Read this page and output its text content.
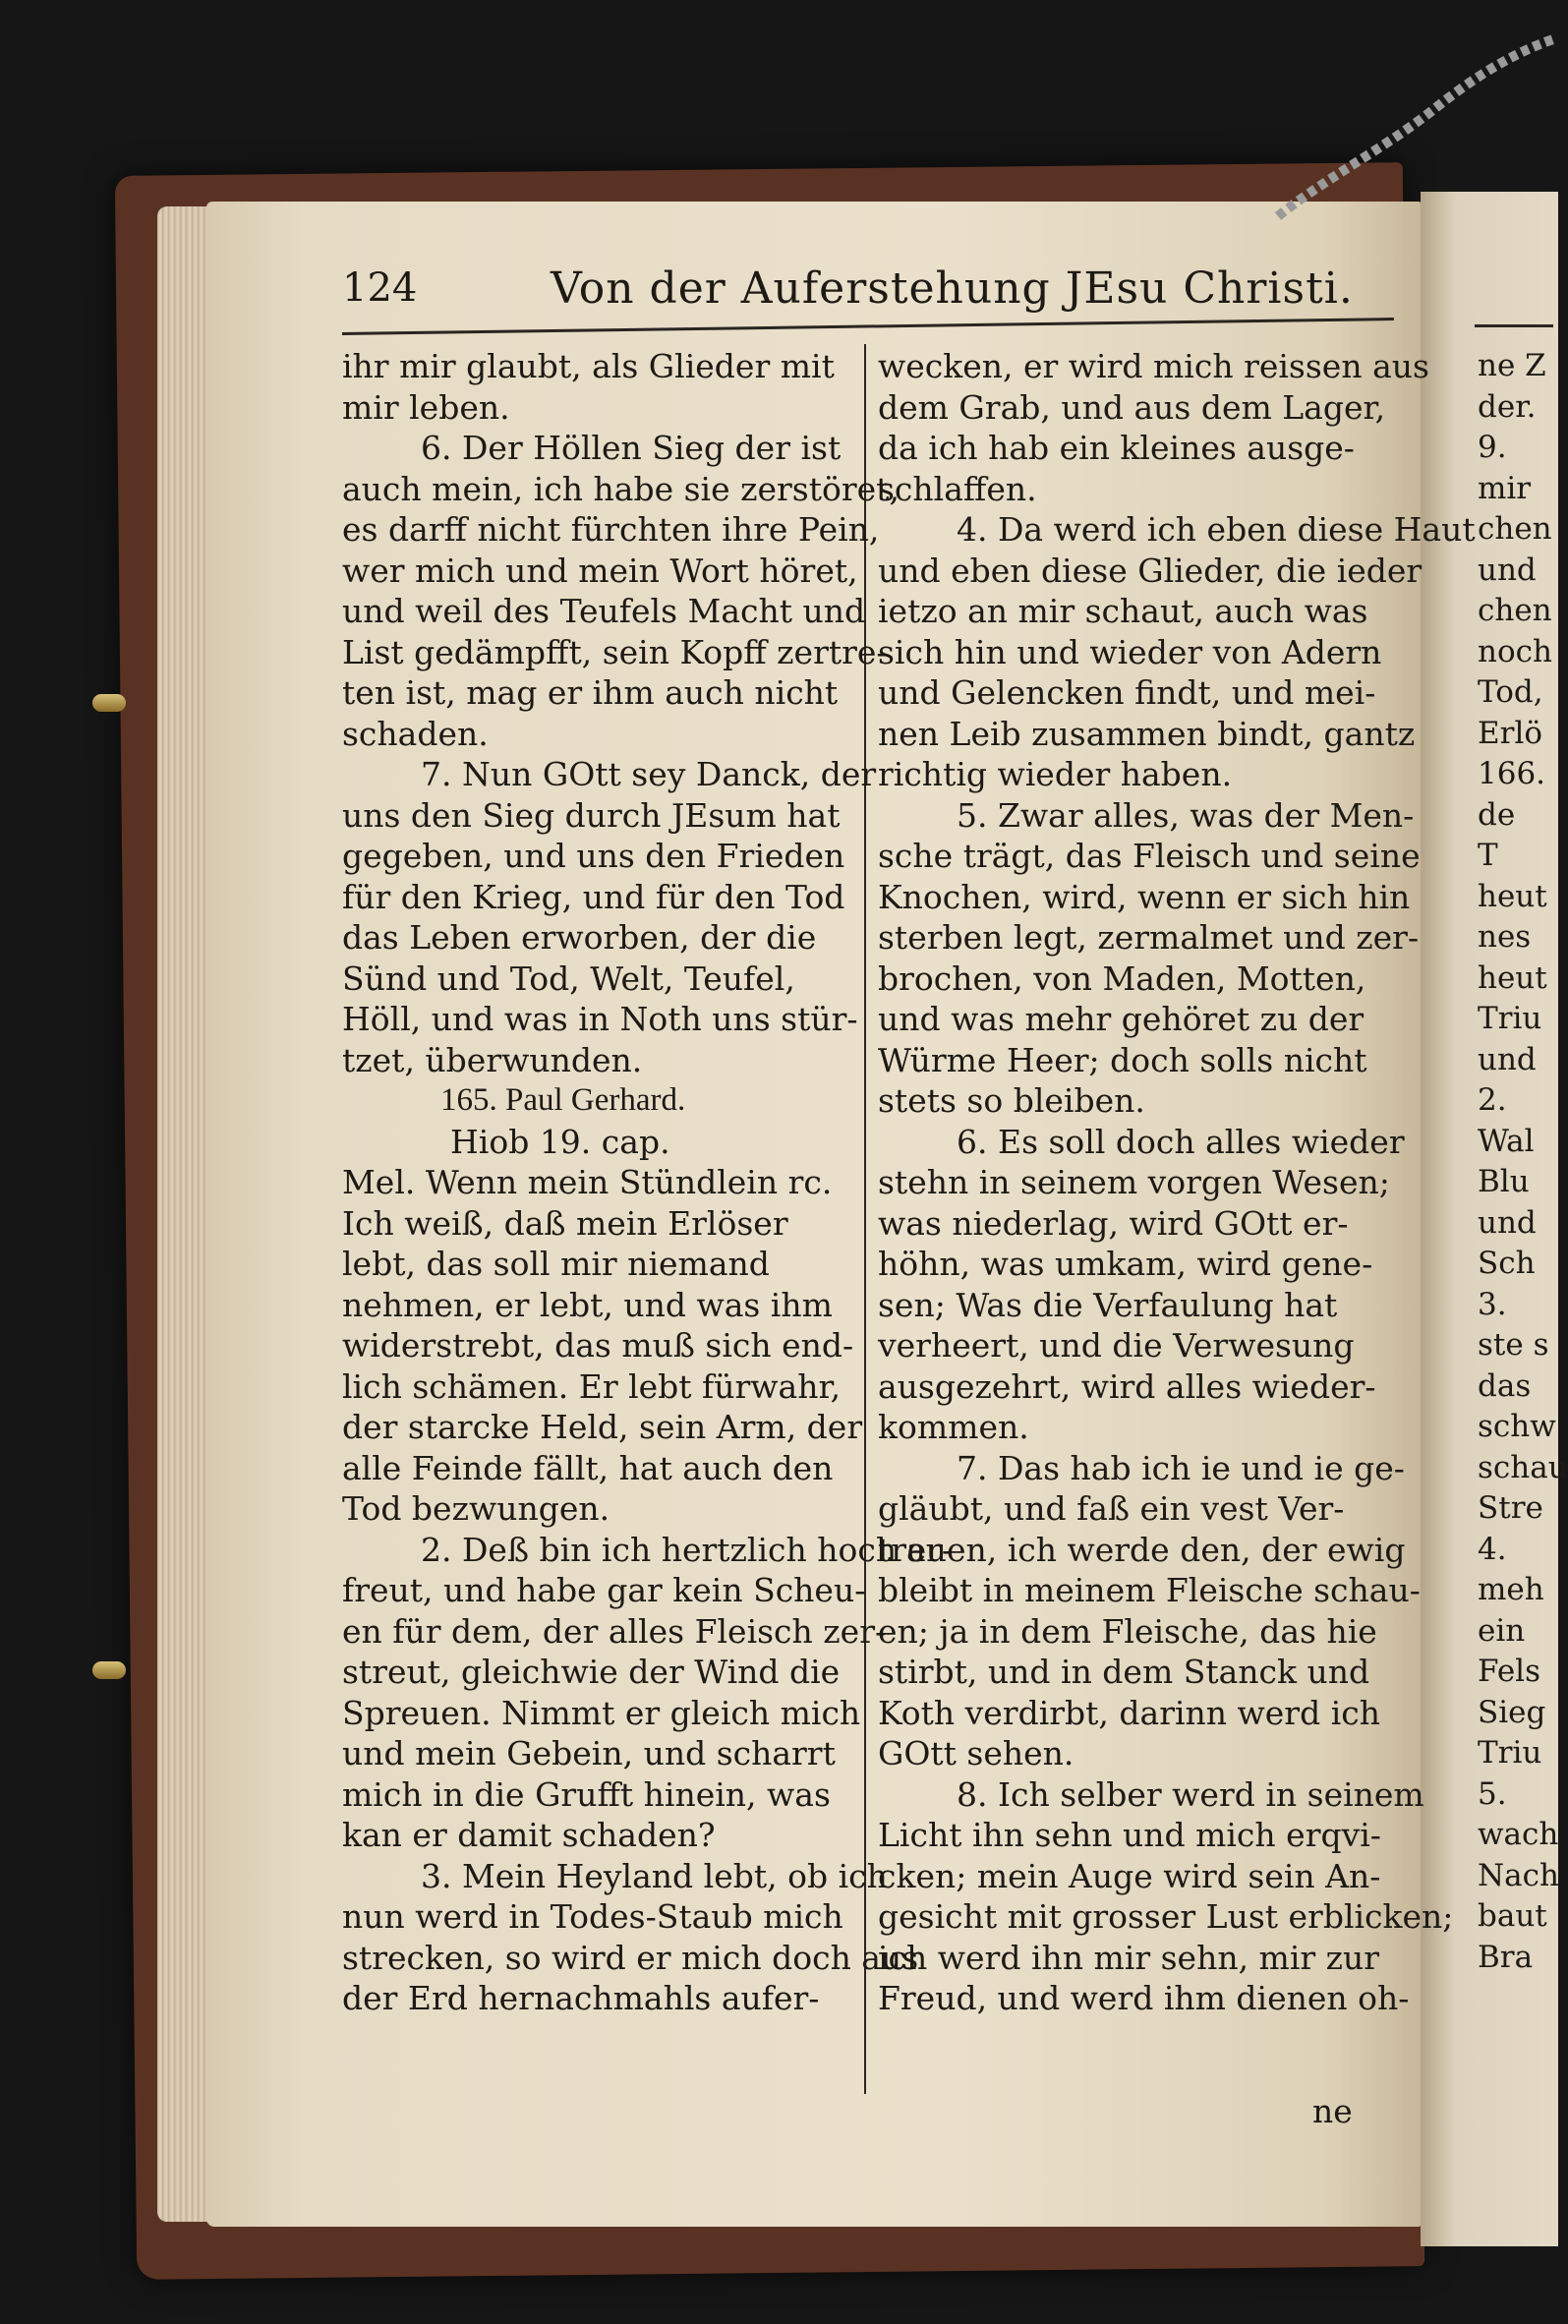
124	Von der Auferstehung JEsu Christi.
ihr mir glaubt, als Glieder mit
mir leben.
6. Der Höllen Sieg der ist
auch mein, ich habe sie zerstöret,
es darff nicht fürchten ihre Pein,
wer mich und mein Wort höret,
und weil des Teufels Macht und
List gedämpfft, sein Kopff zertre-
ten ist, mag er ihm auch nicht
schaden.
7. Nun GOtt sey Danck, der
uns den Sieg durch JEsum hat
gegeben, und uns den Frieden
für den Krieg, und für den Tod
das Leben erworben, der die
Sünd und Tod, Welt, Teufel,
Höll, und was in Noth uns stür-
tzet, überwunden.
165. Paul Gerhard.
Hiob 19. cap.
Mel. Wenn mein Stündlein rc.
Ich weiß, daß mein Erlöser
lebt, das soll mir niemand
nehmen, er lebt, und was ihm
widerstrebt, das muß sich end-
lich schämen. Er lebt fürwahr,
der starcke Held, sein Arm, der
alle Feinde fällt, hat auch den
Tod bezwungen.
2. Deß bin ich hertzlich hoch er-
freut, und habe gar kein Scheu-
en für dem, der alles Fleisch zer-
streut, gleichwie der Wind die
Spreuen. Nimmt er gleich mich
und mein Gebein, und scharrt
mich in die Grufft hinein, was
kan er damit schaden?
3. Mein Heyland lebt, ob ich
nun werd in Todes-Staub mich
strecken, so wird er mich doch aus
der Erd hernachmahls aufer-
wecken, er wird mich reissen aus
dem Grab, und aus dem Lager,
da ich hab ein kleines ausge-
schlaffen.
4. Da werd ich eben diese Haut
und eben diese Glieder, die ieder
ietzo an mir schaut, auch was
sich hin und wieder von Adern
und Gelencken findt, und mei-
nen Leib zusammen bindt, gantz
richtig wieder haben.
5. Zwar alles, was der Men-
sche trägt, das Fleisch und seine
Knochen, wird, wenn er sich hin
sterben legt, zermalmet und zer-
brochen, von Maden, Motten,
und was mehr gehöret zu der
Würme Heer; doch solls nicht
stets so bleiben.
6. Es soll doch alles wieder
stehn in seinem vorgen Wesen;
was niederlag, wird GOtt er-
höhn, was umkam, wird gene-
sen; Was die Verfaulung hat
verheert, und die Verwesung
ausgezehrt, wird alles wieder-
kommen.
7. Das hab ich ie und ie ge-
gläubt, und faß ein vest Ver-
trauen, ich werde den, der ewig
bleibt in meinem Fleische schau-
en; ja in dem Fleische, das hie
stirbt, und in dem Stanck und
Koth verdirbt, darinn werd ich
GOtt sehen.
8. Ich selber werd in seinem
Licht ihn sehn und mich erqvi-
cken; mein Auge wird sein An-
gesicht mit grosser Lust erblicken;
ich werd ihn mir sehn, mir zur
Freud, und werd ihm dienen oh-
ne
ne Z
der.
9.
mir
chen
und
chen
noch
Tod,
Erlö
166.
de
T
heut
nes
heut
Triu
und
2.
Wal
Blu
und
Sch
3.
ste s
das
schw
schau
Stre
4.
meh
ein
Fels
Sieg
Triu
5.
wach
Nach
baut
Bra
